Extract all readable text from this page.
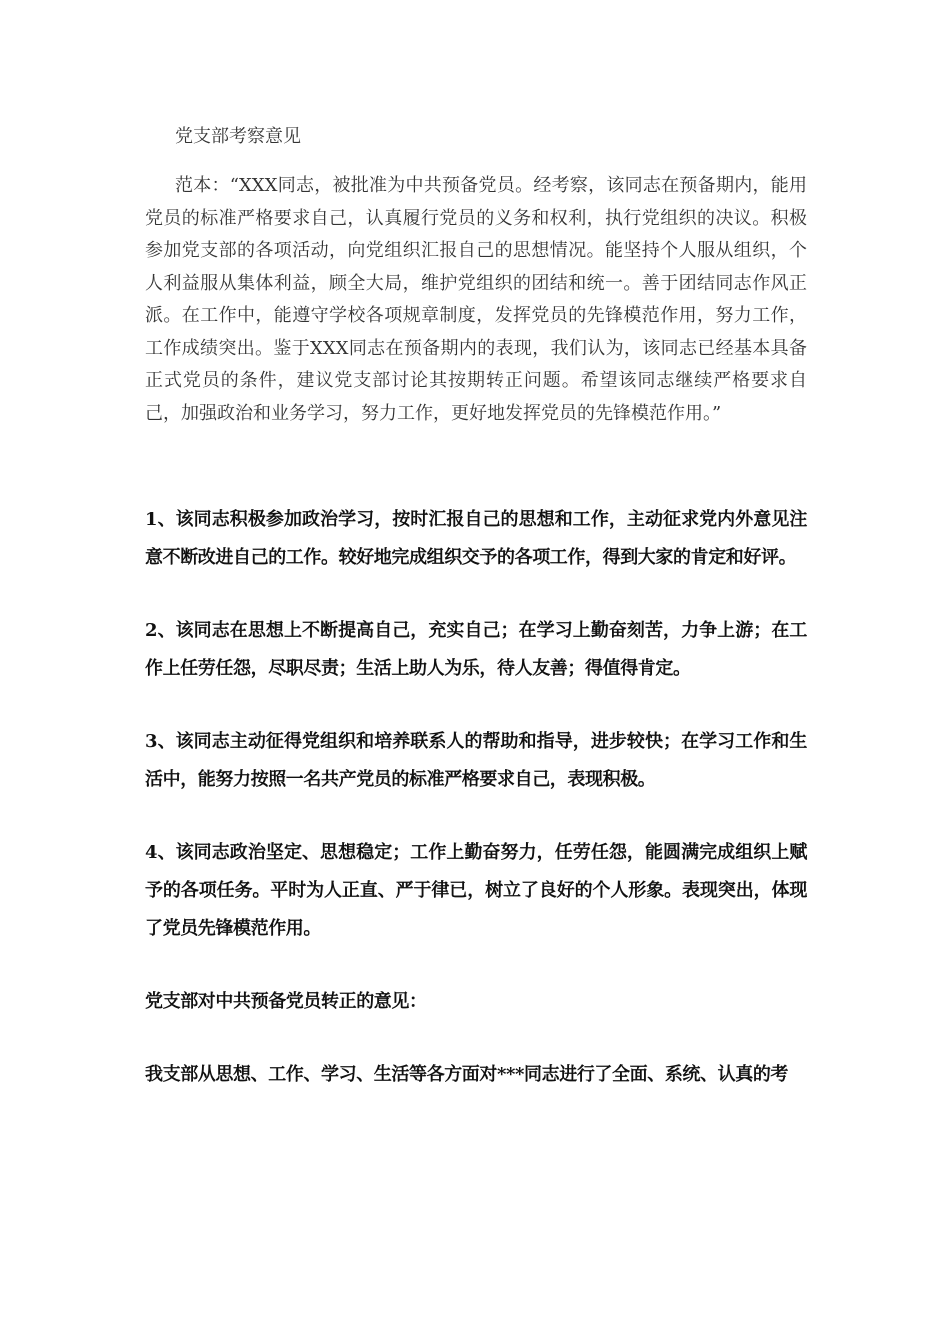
党支部考察意见

范本：“XXX同志，被批准为中共预备党员。经考察，该同志在预备期内，能用党员的标准严格要求自己，认真履行党员的义务和权利，执行党组织的决议。积极参加党支部的各项活动，向党组织汇报自己的思想情况。能坚持个人服从组织，个人利益服从集体利益，顾全大局，维护党组织的团结和统一。善于团结同志作风正派。在工作中，能遵守学校各项规章制度，发挥党员的先锋模范作用，努力工作，工作成绩突出。鉴于XXX同志在预备期内的表现，我们认为，该同志已经基本具备正式党员的条件，建议党支部讨论其按期转正问题。希望该同志继续严格要求自己，加强政治和业务学习，努力工作，更好地发挥党员的先锋模范作用。”

1、该同志积极参加政治学习，按时汇报自己的思想和工作，主动征求党内外意见注意不断改进自己的工作。较好地完成组织交予的各项工作，得到大家的肯定和好评。

2、该同志在思想上不断提高自己，充实自己；在学习上勤奋刻苦，力争上游；在工作上任劳任怨，尽职尽责；生活上助人为乐，待人友善；得值得肯定。

3、该同志主动征得党组织和培养联系人的帮助和指导，进步较快；在学习工作和生活中，能努力按照一名共产党员的标准严格要求自己，表现积极。

4、该同志政治坚定、思想稳定；工作上勤奋努力，任劳任怨，能圆满完成组织上赋予的各项任务。平时为人正直、严于律已，树立了良好的个人形象。表现突出，体现了党员先锋模范作用。

党支部对中共预备党员转正的意见：

我支部从思想、工作、学习、生活等各方面对***同志进行了全面、系统、认真的考
